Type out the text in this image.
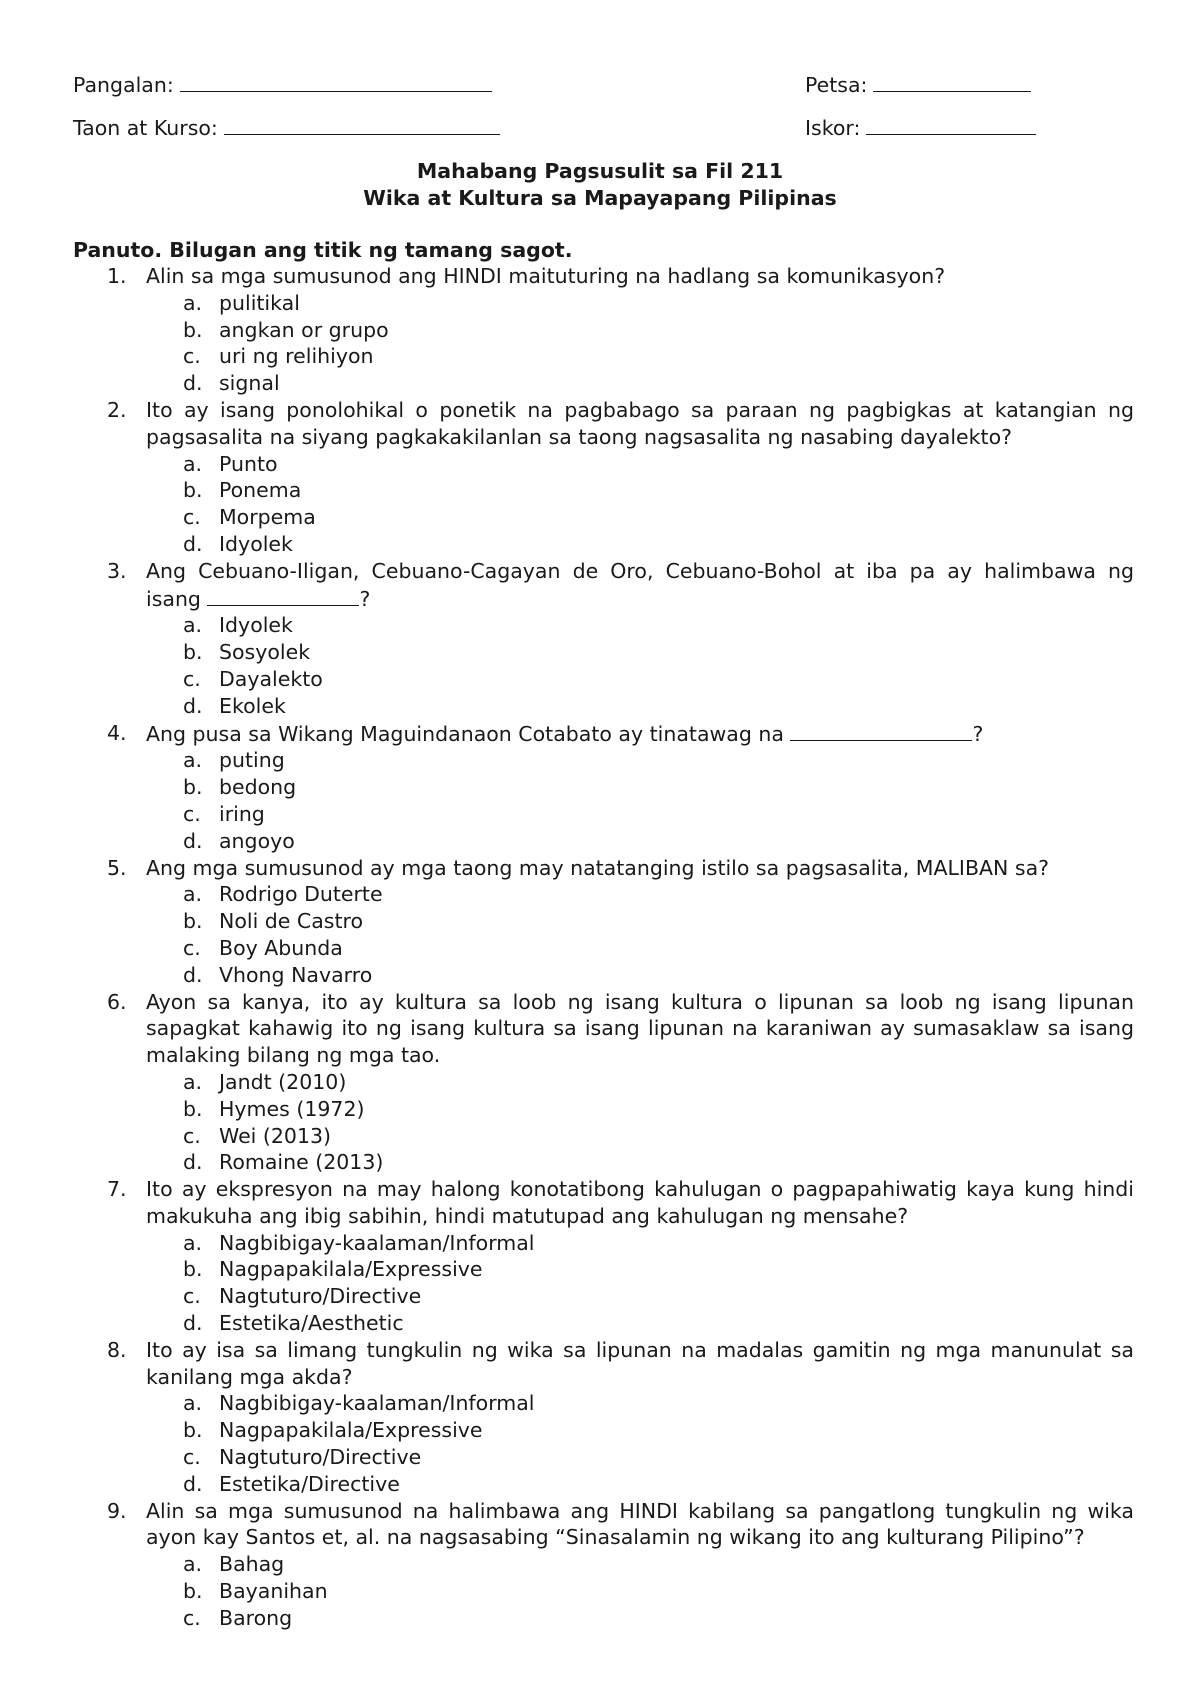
Pangalan:	Petsa:
Taon at Kurso:	Iskor:
Mahabang Pagsusulit sa Fil 211
Wika at Kultura sa Mapayapang Pilipinas
Panuto. Bilugan ang titik ng tamang sagot.
1. Alin sa mga sumusunod ang HINDI maituturing na hadlang sa komunikasyon?
a. pulitikal
b. angkan or grupo
c. uri ng relihiyon
d. signal
2. Ito ay isang ponolohikal o ponetik na pagbabago sa paraan ng pagbigkas at katangian ng pagsasalita na siyang pagkakakilanlan sa taong nagsasalita ng nasabing dayalekto?
a. Punto
b. Ponema
c. Morpema
d. Idyolek
3. Ang Cebuano-Iligan, Cebuano-Cagayan de Oro, Cebuano-Bohol at iba pa ay halimbawa ng isang	?
a. Idyolek
b. Sosyolek
c. Dayalekto
d. Ekolek
4. Ang pusa sa Wikang Maguindanaon Cotabato ay tinatawag na	?
a. puting
b. bedong
c. iring
d. angoyo
5. Ang mga sumusunod ay mga taong may natatanging istilo sa pagsasalita, MALIBAN sa?
a. Rodrigo Duterte
b. Noli de Castro
c. Boy Abunda
d. Vhong Navarro
6. Ayon sa kanya, ito ay kultura sa loob ng isang kultura o lipunan sa loob ng isang lipunan sapagkat kahawig ito ng isang kultura sa isang lipunan na karaniwan ay sumasaklaw sa isang malaking bilang ng mga tao.
a. Jandt (2010)
b. Hymes (1972)
c. Wei (2013)
d. Romaine (2013)
7. Ito ay ekspresyon na may halong konotatibong kahulugan o pagpapahiwatig kaya kung hindi makukuha ang ibig sabihin, hindi matutupad ang kahulugan ng mensahe?
a. Nagbibigay-kaalaman/Informal
b. Nagpapakilala/Expressive
c. Nagtuturo/Directive
d. Estetika/Aesthetic
8. Ito ay isa sa limang tungkulin ng wika sa lipunan na madalas gamitin ng mga manunulat sa kanilang mga akda?
a. Nagbibigay-kaalaman/Informal
b. Nagpapakilala/Expressive
c. Nagtuturo/Directive
d. Estetika/Directive
9. Alin sa mga sumusunod na halimbawa ang HINDI kabilang sa pangatlong tungkulin ng wika ayon kay Santos et, al. na nagsasabing “Sinasalamin ng wikang ito ang kulturang Pilipino”?
a. Bahag
b. Bayanihan
c. Barong
